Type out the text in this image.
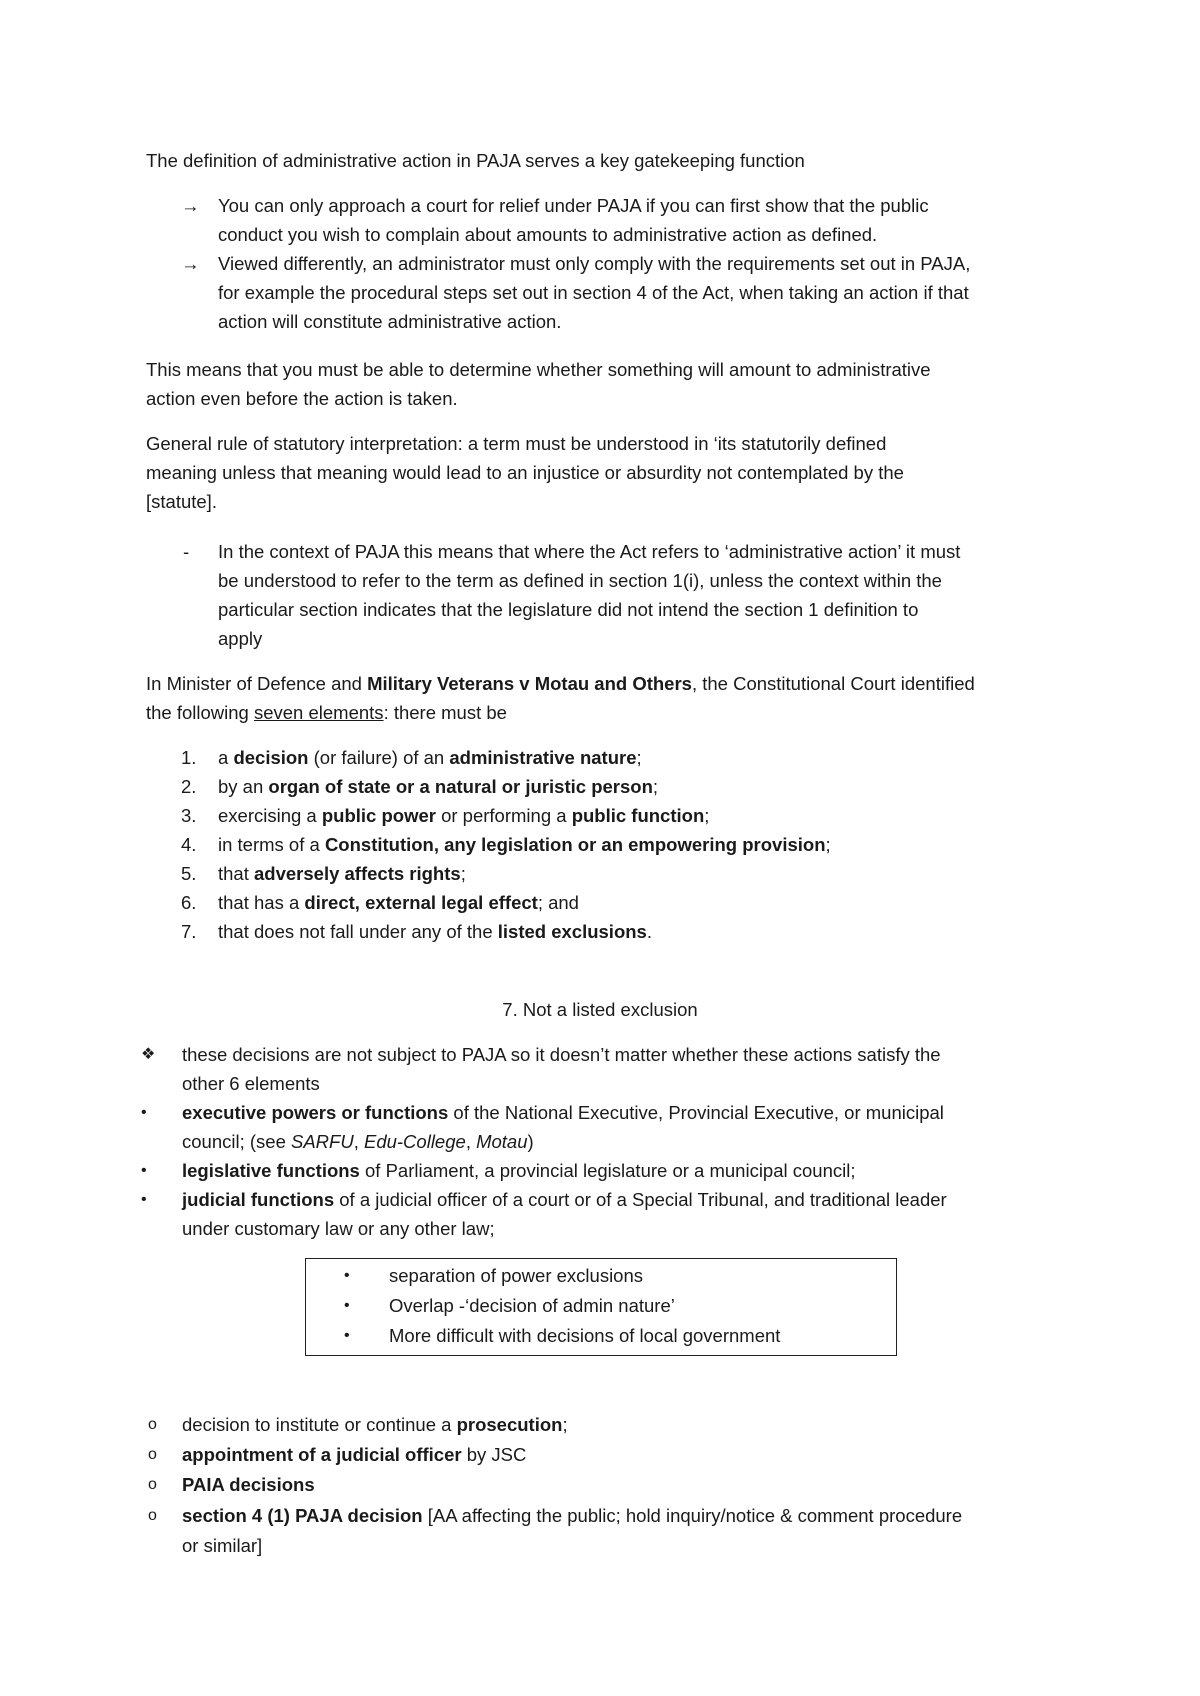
The definition of administrative action in PAJA serves a key gatekeeping function
→	You can only approach a court for relief under PAJA if you can first show that the public
conduct you wish to complain about amounts to administrative action as defined.
→	Viewed differently, an administrator must only comply with the requirements set out in PAJA,
for example the procedural steps set out in section 4 of the Act, when taking an action if that
action will constitute administrative action.
This means that you must be able to determine whether something will amount to administrative
action even before the action is taken.
General rule of statutory interpretation: a term must be understood in ‘its statutorily defined
meaning unless that meaning would lead to an injustice or absurdity not contemplated by the
[statute].
-	In the context of PAJA this means that where the Act refers to ‘administrative action’ it must
be understood to refer to the term as defined in section 1(i), unless the context within the
particular section indicates that the legislature did not intend the section 1 definition to
apply
In Minister of Defence and Military Veterans v Motau and Others, the Constitutional Court identified
the following seven elements: there must be
1.	a decision (or failure) of an administrative nature;
2.	by an organ of state or a natural or juristic person;
3.	exercising a public power or performing a public function;
4.	in terms of a Constitution, any legislation or an empowering provision;
5.	that adversely affects rights;
6.	that has a direct, external legal effect; and
7.	that does not fall under any of the listed exclusions.
7. Not a listed exclusion
❖	these decisions are not subject to PAJA so it doesn’t matter whether these actions satisfy the
other 6 elements
•	executive powers or functions of the National Executive, Provincial Executive, or municipal
council; (see SARFU, Edu-College, Motau)
•	legislative functions of Parliament, a provincial legislature or a municipal council;
•	judicial functions of a judicial officer of a court or of a Special Tribunal, and traditional leader
under customary law or any other law;
• separation of power exclusions
• Overlap -‘decision of admin nature’
• More difficult with decisions of local government
o	decision to institute or continue a prosecution;
o	appointment of a judicial officer by JSC
o	PAIA decisions
o	section 4 (1) PAJA decision [AA affecting the public; hold inquiry/notice & comment procedure
or similar]
